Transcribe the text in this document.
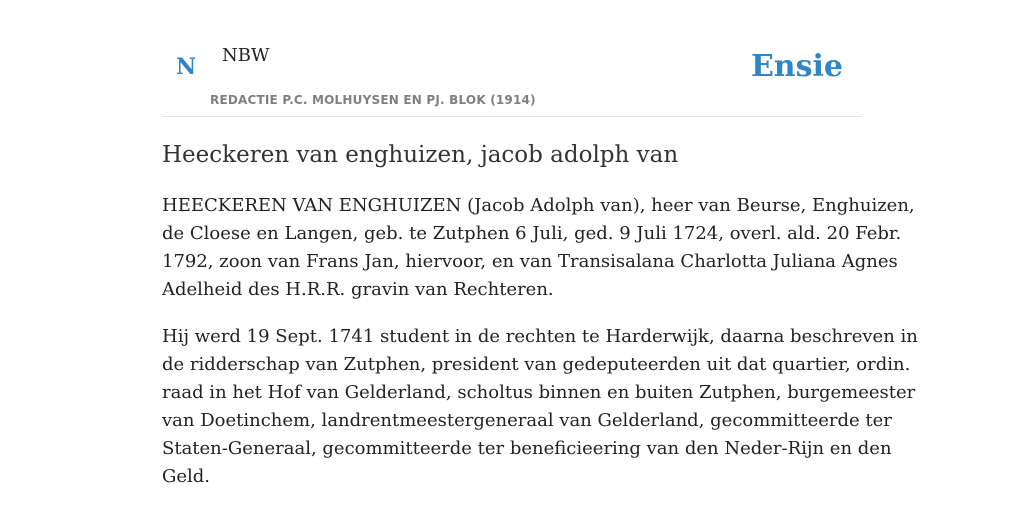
N NBW
REDACTIE P.C. MOLHUYSEN EN PJ. BLOK (1914)
Ensie
Heeckeren van enghuizen, jacob adolph van

HEECKEREN VAN ENGHUIZEN (Jacob Adolph van), heer van Beurse, Enghuizen,
de Cloese en Langen, geb. te Zutphen 6 Juli, ged. 9 Juli 1724, overl. ald. 20 Febr.
1792, zoon van Frans Jan, hiervoor, en van Transisalana Charlotta Juliana Agnes
Adelheid des H.R.R. gravin van Rechteren.

Hij werd 19 Sept. 1741 student in de rechten te Harderwijk, daarna beschreven in
de ridderschap van Zutphen, president van gedeputeerden uit dat quartier, ordin.
raad in het Hof van Gelderland, scholtus binnen en buiten Zutphen, burgemeester
van Doetinchem, landrentmeestergeneraal van Gelderland, gecommitteerde ter
Staten-Generaal, gecommitteerde ter beneficieering van den Neder-Rijn en den
Geld.
